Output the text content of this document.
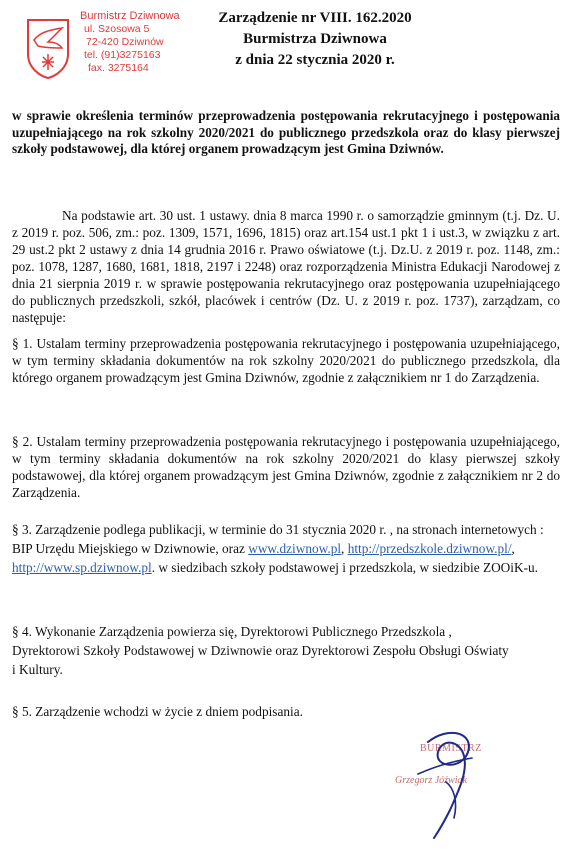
Burmistrz Dziwnowa
ul. Szosowa 5
72-420 Dziwnów
tel. (91)3275163
fax. 3275164
Zarządzenie nr VIII. 162.2020
Burmistrza Dziwnowa
z dnia 22 stycznia 2020 r.
w sprawie określenia terminów przeprowadzenia postępowania rekrutacyjnego i postępowania uzupełniającego na rok szkolny 2020/2021 do publicznego przedszkola oraz do klasy pierwszej szkoły podstawowej, dla której organem prowadzącym jest Gmina Dziwnów.
Na podstawie art. 30 ust. 1 ustawy. dnia 8 marca 1990 r. o samorządzie gminnym (t.j. Dz. U. z 2019 r. poz. 506, zm.: poz. 1309, 1571, 1696, 1815) oraz art.154 ust.1 pkt 1 i ust.3, w związku z art. 29 ust.2 pkt 2 ustawy z dnia 14 grudnia 2016 r. Prawo oświatowe (t.j. Dz.U. z 2019 r. poz. 1148, zm.: poz. 1078, 1287, 1680, 1681, 1818, 2197 i 2248) oraz rozporządzenia Ministra Edukacji Narodowej z dnia 21 sierpnia 2019 r. w sprawie postępowania rekrutacyjnego oraz postępowania uzupełniającego do publicznych przedszkoli, szkół, placówek i centrów (Dz. U. z 2019 r. poz. 1737), zarządzam, co następuje:
§ 1. Ustalam terminy przeprowadzenia postępowania rekrutacyjnego i postępowania uzupełniającego, w tym terminy składania dokumentów na rok szkolny 2020/2021 do publicznego przedszkola, dla którego organem prowadzącym jest Gmina Dziwnów, zgodnie z załącznikiem nr 1 do Zarządzenia.
§ 2. Ustalam terminy przeprowadzenia postępowania rekrutacyjnego i postępowania uzupełniającego, w tym terminy składania dokumentów na rok szkolny 2020/2021 do klasy pierwszej szkoły podstawowej, dla której organem prowadzącym jest Gmina Dziwnów, zgodnie z załącznikiem nr 2 do Zarządzenia.
§ 3. Zarządzenie podlega publikacji, w terminie do 31 stycznia 2020 r. , na stronach internetowych : BIP Urzędu Miejskiego w Dziwnowie, oraz www.dziwnow.pl, http://przedszkole.dziwnow.pl/, http://www.sp.dziwnow.pl. w siedzibach szkoły podstawowej i przedszkola, w siedzibie ZOOiK-u.
§ 4. Wykonanie Zarządzenia powierza się, Dyrektorowi Publicznego Przedszkola ,
Dyrektorowi Szkoły Podstawowej w Dziwnowie oraz Dyrektorowi Zespołu Obsługi Oświaty
i Kultury.
§ 5. Zarządzenie wchodzi w życie z dniem podpisania.
BURMISTRZ
Grzegorz Jóźwiak
